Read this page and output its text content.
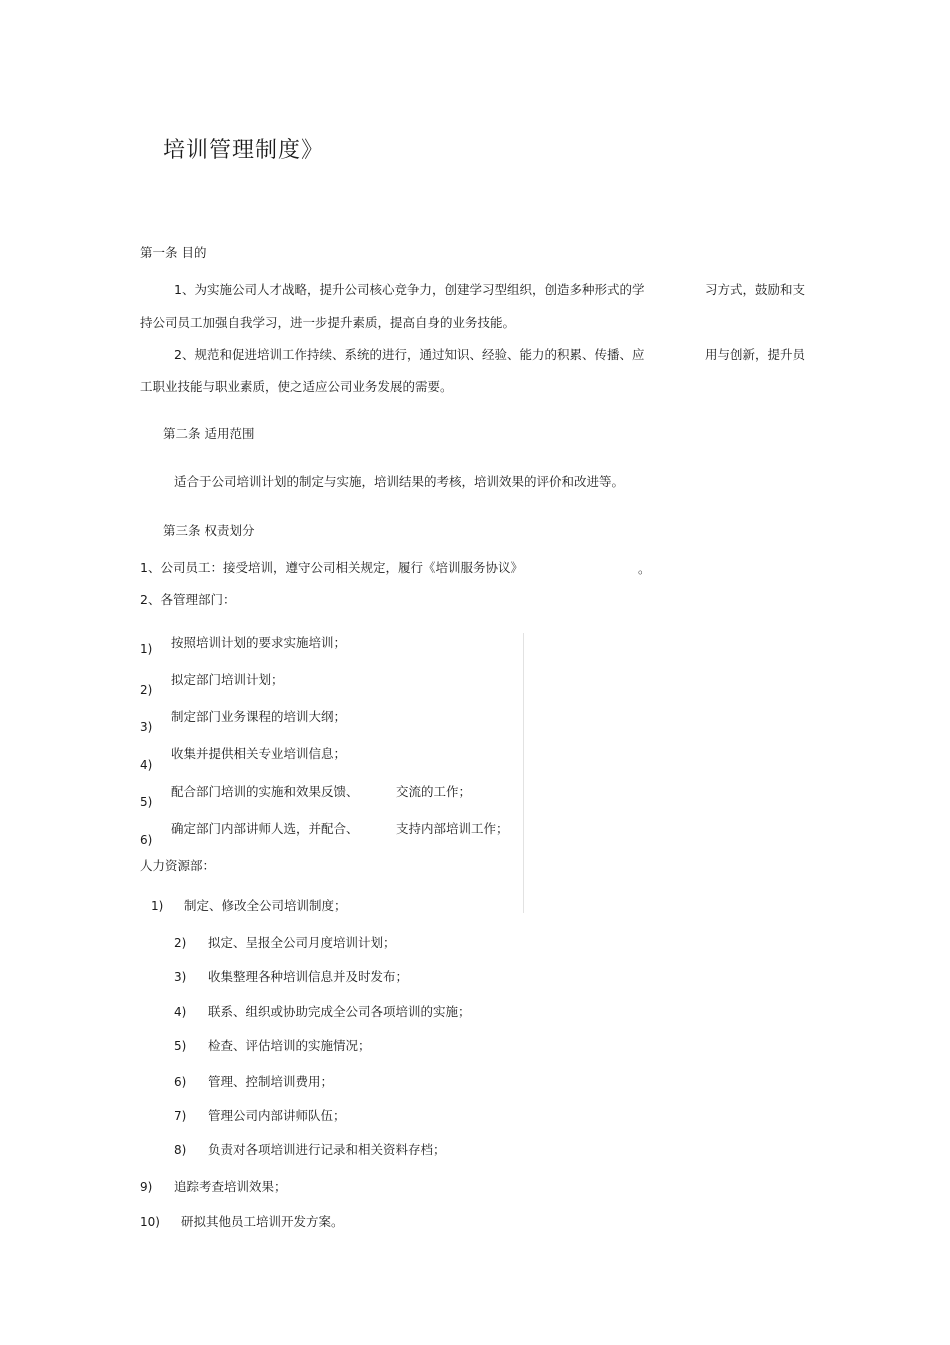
培训管理制度》
第一条 目的
1、为实施公司人才战略，提升公司核心竞争力，创建学习型组织，创造多种形式的学	习方式，鼓励和支
持公司员工加强自我学习，进一步提升素质，提高自身的业务技能。
2、规范和促进培训工作持续、系统的进行，通过知识、经验、能力的积累、传播、应	用与创新，提升员
工职业技能与职业素质，使之适应公司业务发展的需要。
第二条 适用范围
适合于公司培训计划的制定与实施，培训结果的考核，培训效果的评价和改进等。
第三条 权责划分
1、公司员工：接受培训，遵守公司相关规定，履行《培训服务协议》	。
2、各管理部门：
1) 按照培训计划的要求实施培训；
2)
拟定部门培训计划；
3)
制定部门业务课程的培训大纲；
4)
收集并提供相关专业培训信息；
5)
配合部门培训的实施和效果反馈、	交流的工作；
6)
确定部门内部讲师人选，并配合、	支持内部培训工作；
人力资源部：
1) 制定、修改全公司培训制度；
2) 拟定、呈报全公司月度培训计划；
3) 收集整理各种培训信息并及时发布；
4) 联系、组织或协助完成全公司各项培训的实施；
5) 检查、评估培训的实施情况；
6) 管理、控制培训费用；
7) 管理公司内部讲师队伍；
8) 负责对各项培训进行记录和相关资料存档；
9) 追踪考查培训效果；
10) 研拟其他员工培训开发方案。
